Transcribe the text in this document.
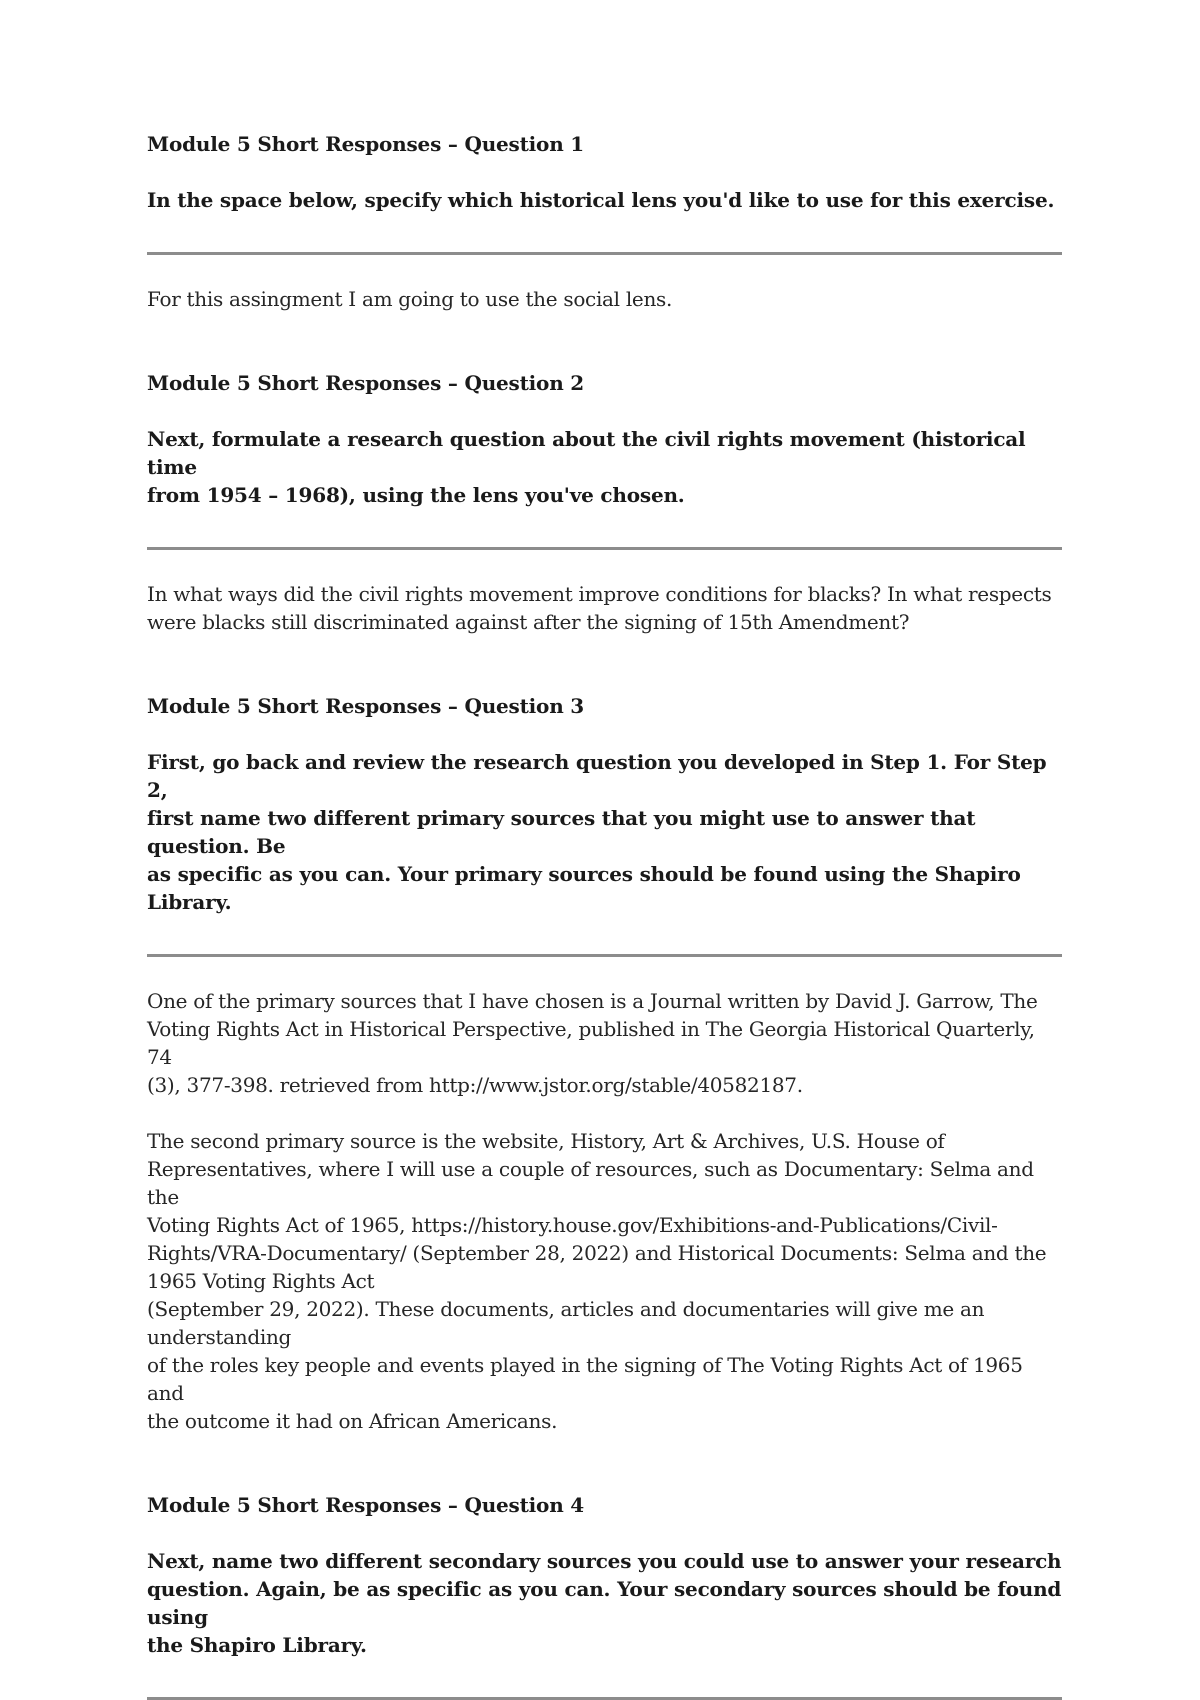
Module 5 Short Responses – Question 1

In the space below, specify which historical lens you'd like to use for this exercise.

For this assingment I am going to use the social lens.

Module 5 Short Responses – Question 2

Next, formulate a research question about the civil rights movement (historical time
from 1954 – 1968), using the lens you've chosen.

In what ways did the civil rights movement improve conditions for blacks? In what respects
were blacks still discriminated against after the signing of 15th Amendment?

Module 5 Short Responses – Question 3

First, go back and review the research question you developed in Step 1. For Step 2,
first name two different primary sources that you might use to answer that question. Be
as specific as you can. Your primary sources should be found using the Shapiro Library.

One of the primary sources that I have chosen is a Journal written by David J. Garrow, The
Voting Rights Act in Historical Perspective, published in The Georgia Historical Quarterly, 74
(3), 377-398. retrieved from http://www.jstor.org/stable/40582187.

The second primary source is the website, History, Art & Archives, U.S. House of
Representatives, where I will use a couple of resources, such as Documentary: Selma and the
Voting Rights Act of 1965, https://history.house.gov/Exhibitions-and-Publications/Civil-
Rights/VRA-Documentary/ (September 28, 2022) and Historical Documents: Selma and the
1965 Voting Rights Act
(September 29, 2022). These documents, articles and documentaries will give me an
understanding
of the roles key people and events played in the signing of The Voting Rights Act of 1965 and
the outcome it had on African Americans.

Module 5 Short Responses – Question 4

Next, name two different secondary sources you could use to answer your research
question. Again, be as specific as you can. Your secondary sources should be found using
the Shapiro Library.
